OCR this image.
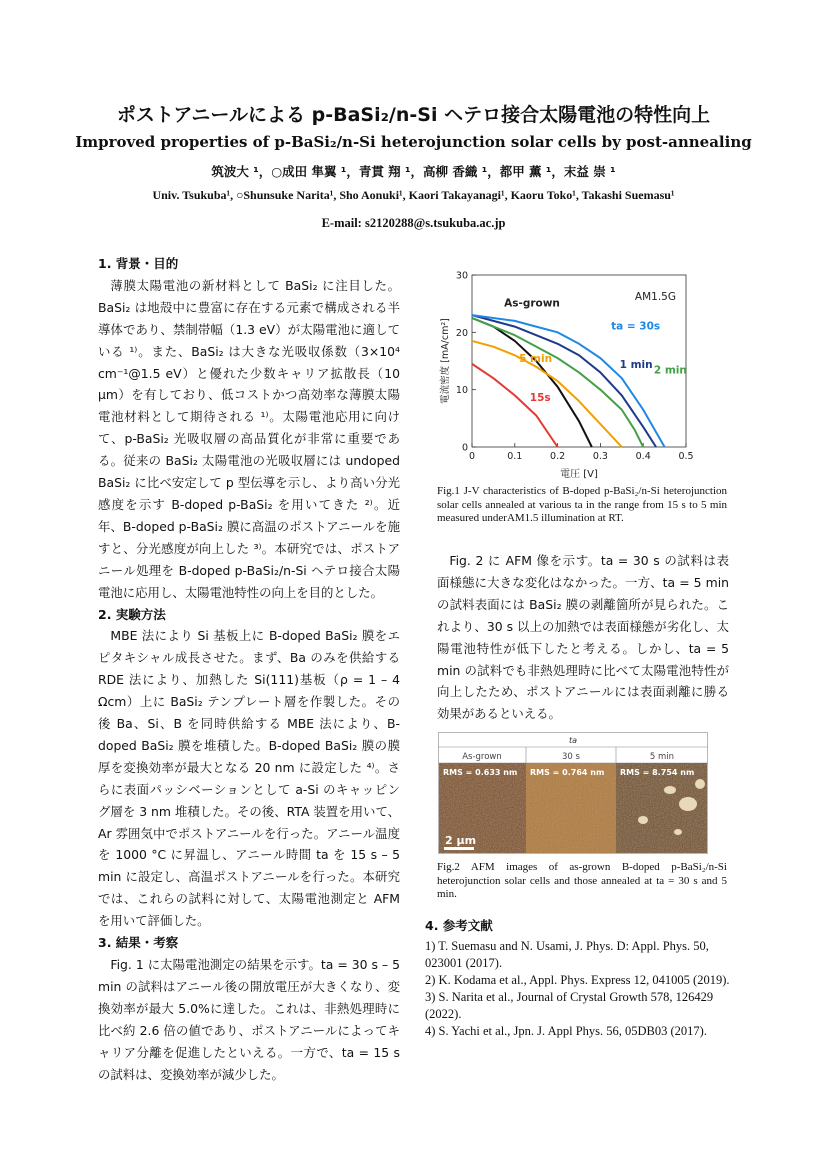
ポストアニールによる p-BaSi₂/n-Si ヘテロ接合太陽電池の特性向上
Improved properties of p-BaSi₂/n-Si heterojunction solar cells by post-annealing
筑波大 ¹，○成田 隼翼 ¹，青貫 翔 ¹，高柳 香織 ¹，都甲 薫 ¹，末益 崇 ¹
Univ. Tsukuba¹, ○Shunsuke Narita¹, Sho Aonuki¹, Kaori Takayanagi¹, Kaoru Toko¹, Takashi Suemasu¹
E-mail: s2120288@s.tsukuba.ac.jp
1. 背景・目的

薄膜太陽電池の新材料として BaSi₂ に注目した。BaSi₂ は地殻中に豊富に存在する元素で構成される半導体であり、禁制帯幅（1.3 eV）が太陽電池に適している ¹⁾。また、BaSi₂ は大きな光吸収係数（3×10⁴ cm⁻¹@1.5 eV）と優れた少数キャリア拡散長（10 μm）を有しており、低コストかつ高効率な薄膜太陽電池材料として期待される ¹⁾。太陽電池応用に向けて、p-BaSi₂ 光吸収層の高品質化が非常に重要である。従来の BaSi₂ 太陽電池の光吸収層には undoped BaSi₂ に比べ安定して p 型伝導を示し、より高い分光感度を示す B-doped p-BaSi₂ を用いてきた ²⁾。近年、B-doped p-BaSi₂ 膜に高温のポストアニールを施すと、分光感度が向上した ³⁾。本研究では、ポストアニール処理を B-doped p-BaSi₂/n-Si ヘテロ接合太陽電池に応用し、太陽電池特性の向上を目的とした。

2. 実験方法

MBE 法により Si 基板上に B-doped BaSi₂ 膜をエピタキシャル成長させた。まず、Ba のみを供給する RDE 法により、加熱した Si(111)基板（ρ = 1 – 4 Ωcm）上に BaSi₂ テンプレート層を作製した。その後 Ba、Si、B を同時供給する MBE 法により、B-doped BaSi₂ 膜を堆積した。B-doped BaSi₂ 膜の膜厚を変換効率が最大となる 20 nm に設定した ⁴⁾。さらに表面パッシベーションとして a-Si のキャッピング層を 3 nm 堆積した。その後、RTA 装置を用いて、Ar 雰囲気中でポストアニールを行った。アニール温度を 1000 °C に昇温し、アニール時間 ta を 15 s – 5 min に設定し、高温ポストアニールを行った。本研究では、これらの試料に対して、太陽電池測定と AFM を用いて評価した。

3. 結果・考察

Fig. 1 に太陽電池測定の結果を示す。ta = 30 s – 5 min の試料はアニール後の開放電圧が大きくなり、変換効率が最大 5.0%に達した。これは、非熱処理時に比べ約 2.6 倍の値であり、ポストアニールによってキャリア分離を促進したといえる。一方で、ta = 15 s の試料は、変換効率が減少した。

0	0.1	0.2	0.3	0.4	0.5
0
10
20
30
As-grown
15s
5 min
2 min
1 min
ta = 30s
AM1.5G
電圧 [V]
電流密度 [mA/cm²]
Fig.1 J-V characteristics of B-doped p-BaSi₂/n-Si heterojunction solar cells annealed at various ta in the range from 15 s to 5 min measured underAM1.5 illumination at RT.

Fig. 2 に AFM 像を示す。ta = 30 s の試料は表面様態に大きな変化はなかった。一方、ta = 5 min の試料表面には BaSi₂ 膜の剥離箇所が見られた。これより、30 s 以上の加熱では表面様態が劣化し、太陽電池特性が低下したと考える。しかし、ta = 5 min の試料でも非熱処理時に比べて太陽電池特性が向上したため、ポストアニールには表面剥離に勝る効果があるといえる。

ta
As-grown	30 s	5 min
RMS = 0.633 nm RMS = 0.764 nm RMS = 8.754 nm
2 μm
Fig.2 AFM images of as-grown B-doped p-BaSi₂/n-Si heterojunction solar cells and those annealed at ta = 30 s and 5 min.
4. 参考文献

1) T. Suemasu and N. Usami, J. Phys. D: Appl. Phys. 50, 023001 (2017).

2) K. Kodama et al., Appl. Phys. Express 12, 041005 (2019).

3) S. Narita et al., Journal of Crystal Growth 578, 126429 (2022).

4) S. Yachi et al., Jpn. J. Appl Phys. 56, 05DB03 (2017).
